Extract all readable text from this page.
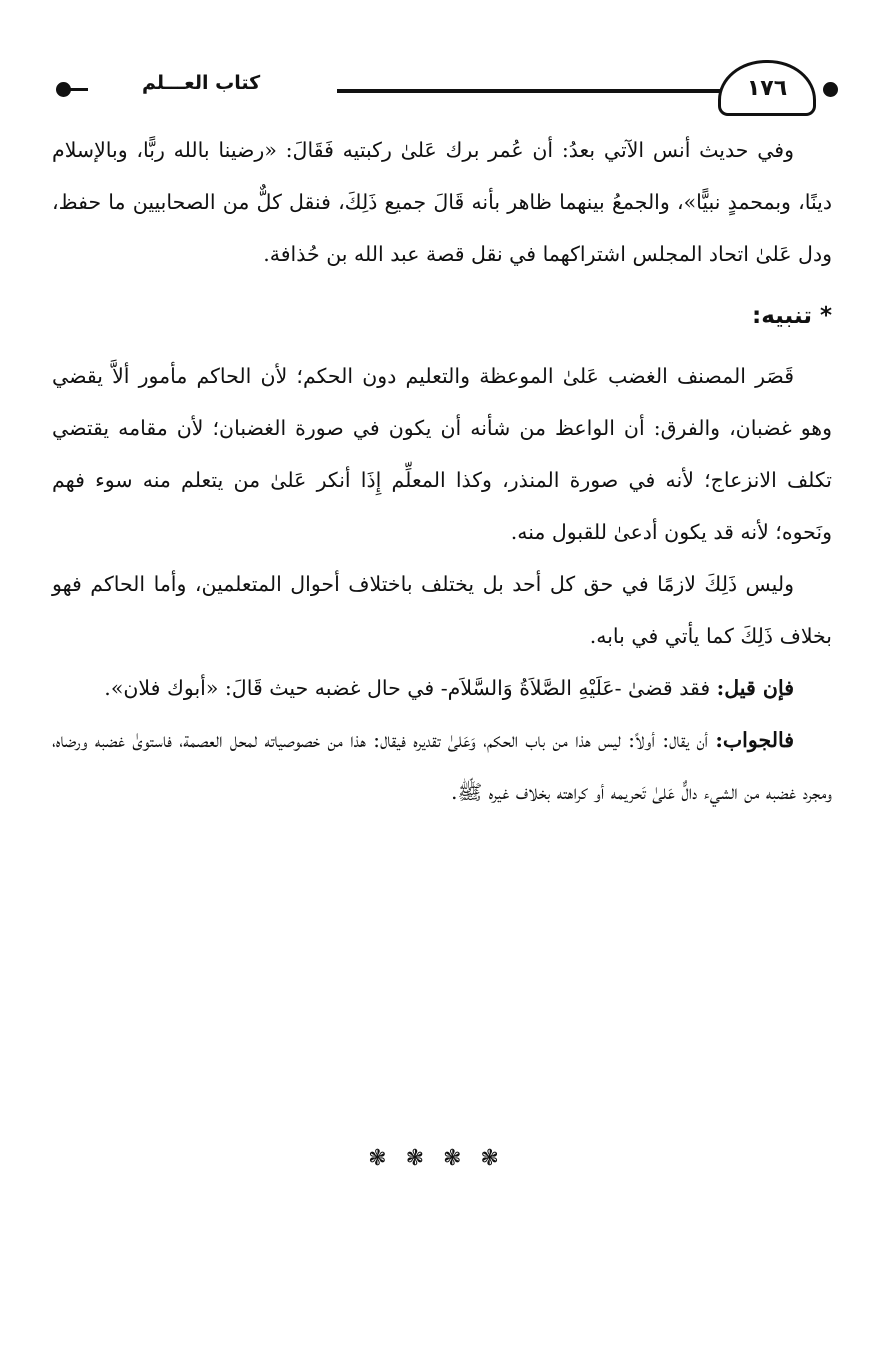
١٧٦
كتاب العـــلم

وفي حديث أنس الآتي بعدُ: أن عُمر برك عَلىٰ ركبتيه فَقَالَ: «رضينا بالله ربًّا، وبالإسلام دينًا، وبمحمدٍ نبيًّا»، والجمعُ بينهما ظاهر بأنه قَالَ جميع ذَلِكَ، فنقل كلٌّ من الصحابيين ما حفظ، ودل عَلىٰ اتحاد المجلس اشتراكهما في نقل قصة عبد الله بن حُذافة.

* تنبيه:

قَصَر المصنف الغضب عَلىٰ الموعظة والتعليم دون الحكم؛ لأن الحاكم مأمور ألاَّ يقضي وهو غضبان، والفرق: أن الواعظ من شأنه أن يكون في صورة الغضبان؛ لأن مقامه يقتضي تكلف الانزعاج؛ لأنه في صورة المنذر، وكذا المعلِّم إِذَا أنكر عَلىٰ من يتعلم منه سوء فهم ونَحوه؛ لأنه قد يكون أدعىٰ للقبول منه.

وليس ذَلِكَ لازمًا في حق كل أحد بل يختلف باختلاف أحوال المتعلمين، وأما الحاكم فهو بخلاف ذَلِكَ كما يأتي في بابه.

فإن قيل: فقد قضىٰ -عَلَيْهِ الصَّلاَةُ وَالسَّلاَم- في حال غضبه حيث قَالَ: «أبوك فلان».

فالجواب: أن يقال: أولاً: ليس هذا من باب الحكم، وَعَلىٰ تقديره فيقال: هذا من خصوصياته لمحل العصمة، فاستوىٰ غضبه ورضاه، ومجرد غضبه من الشيء دالٌّ عَلىٰ تَحريمه أو كراهته بخلاف غيره ﷺ.

❃ ❃ ❃ ❃
